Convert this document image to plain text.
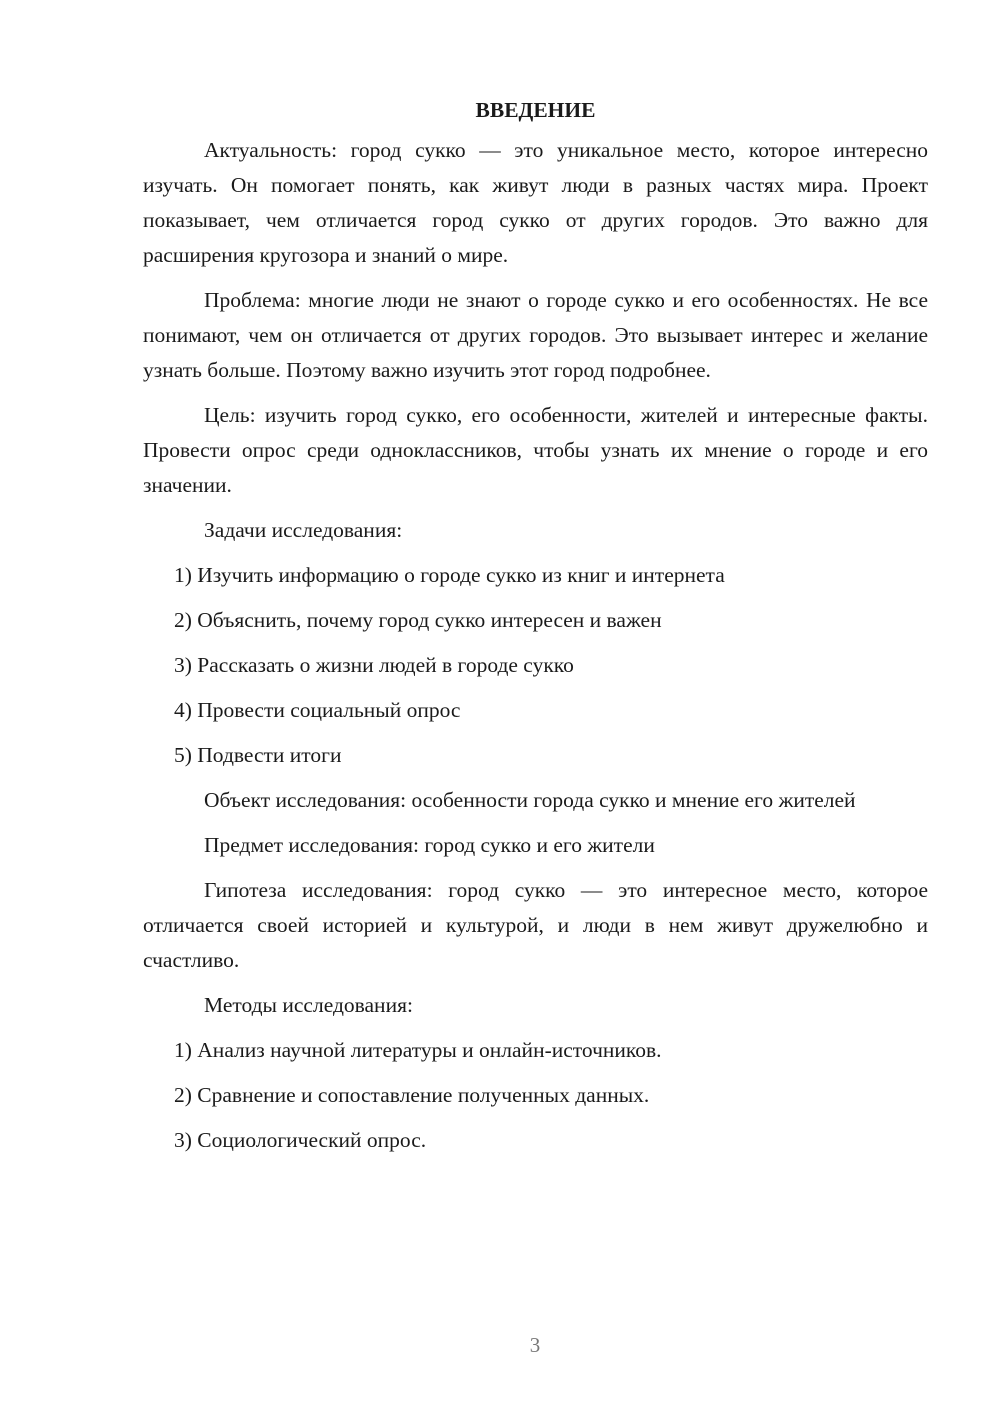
ВВЕДЕНИЕ

Актуальность: город сукко — это уникальное место, которое интересно изучать. Он помогает понять, как живут люди в разных частях мира. Проект показывает, чем отличается город сукко от других городов. Это важно для расширения кругозора и знаний о мире.

Проблема: многие люди не знают о городе сукко и его особенностях. Не все понимают, чем он отличается от других городов. Это вызывает интерес и желание узнать больше. Поэтому важно изучить этот город подробнее.

Цель: изучить город сукко, его особенности, жителей и интересные факты. Провести опрос среди одноклассников, чтобы узнать их мнение о городе и его значении.

Задачи исследования:

1) Изучить информацию о городе сукко из книг и интернета
2) Объяснить, почему город сукко интересен и важен
3) Рассказать о жизни людей в городе сукко
4) Провести социальный опрос
5) Подвести итоги

Объект исследования: особенности города сукко и мнение его жителей

Предмет исследования: город сукко и его жители

Гипотеза исследования: город сукко — это интересное место, которое отличается своей историей и культурой, и люди в нем живут дружелюбно и счастливо.

Методы исследования:

1) Анализ научной литературы и онлайн-источников.
2) Сравнение и сопоставление полученных данных.
3) Социологический опрос.
3
